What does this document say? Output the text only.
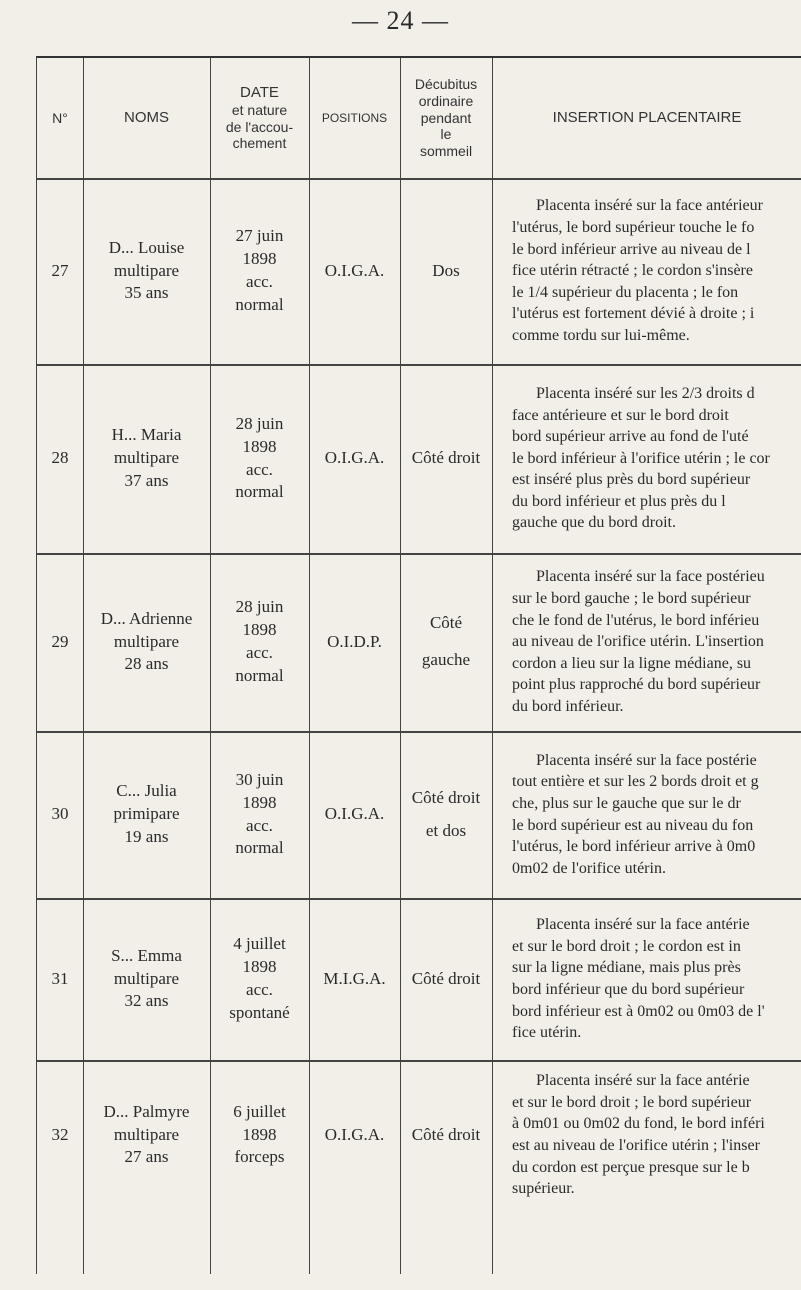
— 24 —
N°	NOMS
DATE
et nature
de l'accou-
chement
POSITIONS
Décubitus
ordinaire
pendant
le
sommeil
INSERTION PLACENTAIRE
27
D... Louise
multipare
35 ans
27 juin
1898
acc.
normal
O.I.G.A.	Dos

Placenta inséré sur la face antérieur

l'utérus, le bord supérieur touche le fo

le bord inférieur arrive au niveau de l

fice utérin rétracté ; le cordon s'insère

le 1/4 supérieur du placenta ; le fon

l'utérus est fortement dévié à droite ; i

comme tordu sur lui-même.

28
H... Maria
multipare
37 ans
28 juin
1898
acc.
normal
O.I.G.A. Côté droit

Placenta inséré sur les 2/3 droits d

face antérieure et sur le bord droit

bord supérieur arrive au fond de l'uté

le bord inférieur à l'orifice utérin ; le cor

est inséré plus près du bord supérieur

du bord inférieur et plus près du l

gauche que du bord droit.

29
D... Adrienne
multipare
28 ans
28 juin
1898
acc.
normal
O.I.D.P.
Côté
gauche

Placenta inséré sur la face postérieu

sur le bord gauche ; le bord supérieur

che le fond de l'utérus, le bord inférieu

au niveau de l'orifice utérin. L'insertion

cordon a lieu sur la ligne médiane, su

point plus rapproché du bord supérieur

du bord inférieur.

30
C... Julia
primipare
19 ans
30 juin
1898
acc.
normal
O.I.G.A.
Côté droit
et dos

Placenta inséré sur la face postérie

tout entière et sur les 2 bords droit et g

che, plus sur le gauche que sur le dr

le bord supérieur est au niveau du fon

l'utérus, le bord inférieur arrive à 0m0

0m02 de l'orifice utérin.

31
S... Emma
multipare
32 ans
4 juillet
1898
acc.
spontané
M.I.G.A. Côté droit

Placenta inséré sur la face antérie

et sur le bord droit ; le cordon est in

sur la ligne médiane, mais plus près

bord inférieur que du bord supérieur

bord inférieur est à 0m02 ou 0m03 de l'

fice utérin.

32
D... Palmyre
multipare
27 ans
6 juillet
1898
forceps
O.I.G.A. Côté droit

Placenta inséré sur la face antérie

et sur le bord droit ; le bord supérieur

à 0m01 ou 0m02 du fond, le bord inféri

est au niveau de l'orifice utérin ; l'inser

du cordon est perçue presque sur le b

supérieur.
